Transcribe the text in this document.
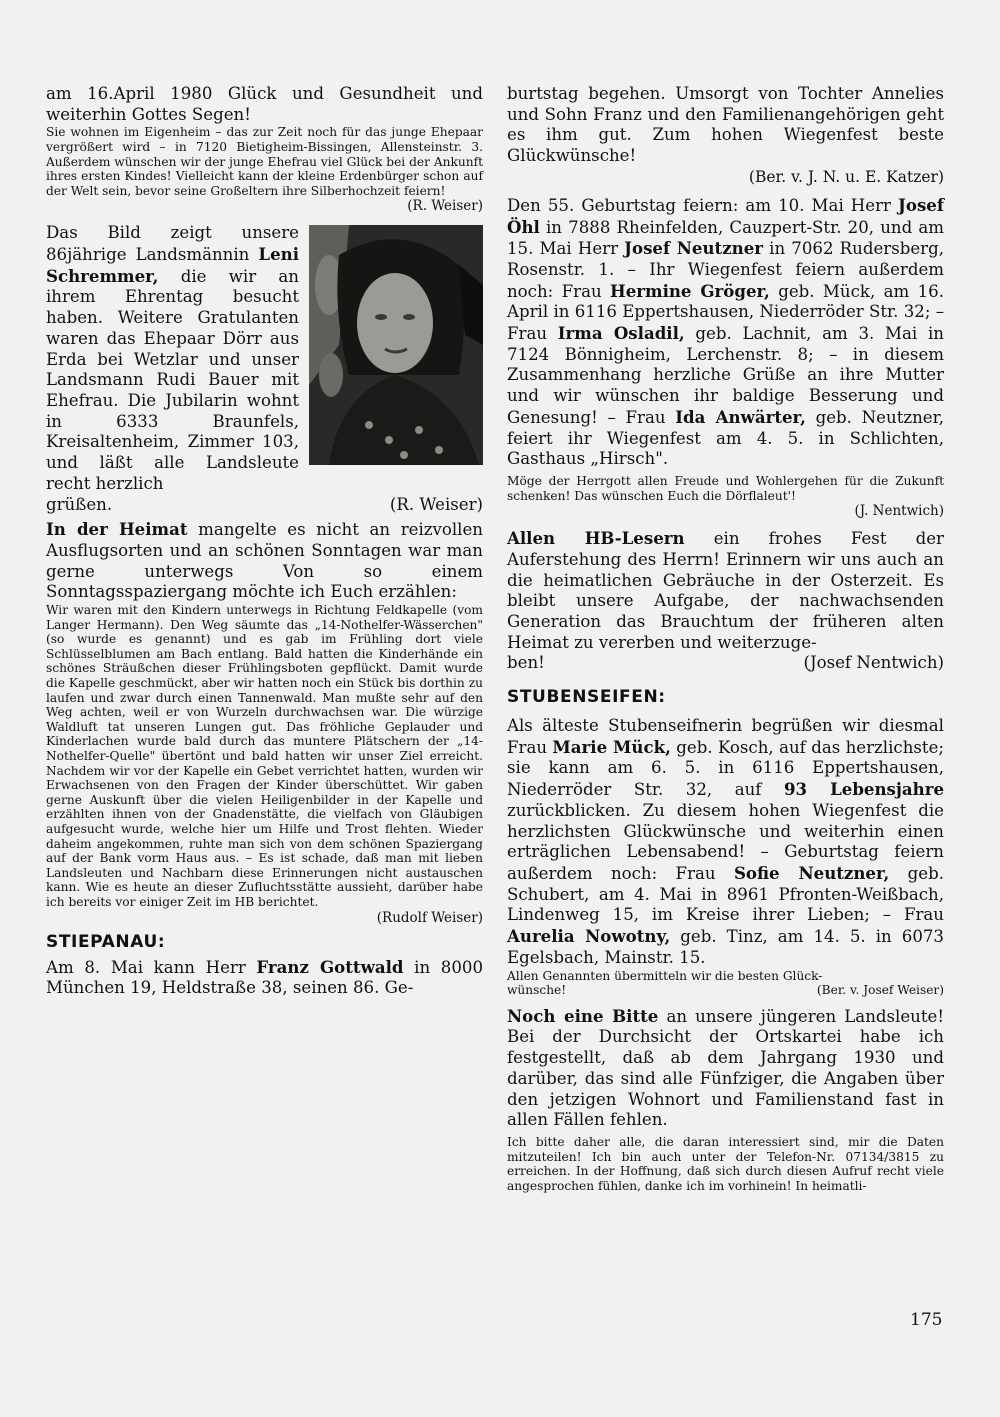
am 16.April 1980 Glück und Gesundheit und weiterhin Gottes Segen!

Sie wohnen im Eigenheim – das zur Zeit noch für das junge Ehepaar vergrößert wird – in 7120 Bietigheim-Bissingen, Allensteinstr. 3. Außerdem wünschen wir der junge Ehefrau viel Glück bei der Ankunft ihres ersten Kindes! Vielleicht kann der kleine Erdenbürger schon auf der Welt sein, bevor seine Großeltern ihre Silberhochzeit feiern!

(R. Weiser)

Das Bild zeigt unsere 86jährige Landsmännin Leni Schremmer, die wir an ihrem Ehrentag besucht haben. Weitere Gratulanten waren das Ehepaar Dörr aus Erda bei Wetzlar und unser Landsmann Rudi Bauer mit Ehefrau. Die Jubilarin wohnt in 6333 Braunfels, Kreisaltenheim, Zimmer 103, und läßt alle Landsleute recht herzlich

grüßen.	(R. Weiser)

In der Heimat mangelte es nicht an reizvollen Ausflugsorten und an schönen Sonntagen war man gerne unterwegs Von so einem Sonntagsspaziergang möchte ich Euch erzählen:

Wir waren mit den Kindern unterwegs in Richtung Feldkapelle (vom Langer Hermann). Den Weg säumte das „14-Nothelfer-Wässerchen" (so wurde es genannt) und es gab im Frühling dort viele Schlüsselblumen am Bach entlang. Bald hatten die Kinderhände ein schönes Sträußchen dieser Frühlingsboten gepflückt. Damit wurde die Kapelle geschmückt, aber wir hatten noch ein Stück bis dorthin zu laufen und zwar durch einen Tannenwald. Man mußte sehr auf den Weg achten, weil er von Wurzeln durchwachsen war. Die würzige Waldluft tat unseren Lungen gut. Das fröhliche Geplauder und Kinderlachen wurde bald durch das muntere Plätschern der „14-Nothelfer-Quelle" übertönt und bald hatten wir unser Ziel erreicht. Nachdem wir vor der Kapelle ein Gebet verrichtet hatten, wurden wir Erwachsenen von den Fragen der Kinder überschüttet. Wir gaben gerne Auskunft über die vielen Heiligenbilder in der Kapelle und erzählten ihnen von der Gnadenstätte, die vielfach von Gläubigen aufgesucht wurde, welche hier um Hilfe und Trost flehten. Wieder daheim angekommen, ruhte man sich von dem schönen Spaziergang auf der Bank vorm Haus aus. – Es ist schade, daß man mit lieben Landsleuten und Nachbarn diese Erinnerungen nicht austauschen kann. Wie es heute an dieser Zufluchtsstätte aussieht, darüber habe ich bereits vor einiger Zeit im HB berichtet.

(Rudolf Weiser)
STIEPANAU:

Am 8. Mai kann Herr Franz Gottwald in 8000 München 19, Heldstraße 38, seinen 86. Ge-

burtstag begehen. Umsorgt von Tochter Annelies und Sohn Franz und den Familienangehörigen geht es ihm gut. Zum hohen Wiegenfest beste Glückwünsche!

(Ber. v. J. N. u. E. Katzer)

Den 55. Geburtstag feiern: am 10. Mai Herr Josef Öhl in 7888 Rheinfelden, Cauzpert-Str. 20, und am 15. Mai Herr Josef Neutzner in 7062 Rudersberg, Rosenstr. 1. – Ihr Wiegenfest feiern außerdem noch: Frau Hermine Gröger, geb. Mück, am 16. April in 6116 Eppertshausen, Niederröder Str. 32; – Frau Irma Osladil, geb. Lachnit, am 3. Mai in 7124 Bönnigheim, Lerchenstr. 8; – in diesem Zusammenhang herzliche Grüße an ihre Mutter und wir wünschen ihr baldige Besserung und Genesung! – Frau Ida Anwärter, geb. Neutzner, feiert ihr Wiegenfest am 4. 5. in Schlichten, Gasthaus „Hirsch".

Möge der Herrgott allen Freude und Wohlergehen für die Zukunft schenken! Das wünschen Euch die Dörflaleut'!

(J. Nentwich)

Allen HB-Lesern ein frohes Fest der Auferstehung des Herrn! Erinnern wir uns auch an die heimatlichen Gebräuche in der Osterzeit. Es bleibt unsere Aufgabe, der nachwachsenden Generation das Brauchtum der früheren alten Heimat zu vererben und weiterzuge-

ben!	(Josef Nentwich)
STUBENSEIFEN:

Als älteste Stubenseifnerin begrüßen wir diesmal Frau Marie Mück, geb. Kosch, auf das herzlichste; sie kann am 6. 5. in 6116 Eppertshausen, Niederröder Str. 32, auf 93 Lebensjahre zurückblicken. Zu diesem hohen Wiegenfest die herzlichsten Glückwünsche und weiterhin einen erträglichen Lebensabend! – Geburtstag feiern außerdem noch: Frau Sofie Neutzner, geb. Schubert, am 4. Mai in 8961 Pfronten-Weißbach, Lindenweg 15, im Kreise ihrer Lieben; – Frau Aurelia Nowotny, geb. Tinz, am 14. 5. in 6073 Egelsbach, Mainstr. 15.

Allen Genannten übermitteln wir die besten Glück-

wünsche!	(Ber. v. Josef Weiser)

Noch eine Bitte an unsere jüngeren Landsleute! Bei der Durchsicht der Ortskartei habe ich festgestellt, daß ab dem Jahrgang 1930 und darüber, das sind alle Fünfziger, die Angaben über den jetzigen Wohnort und Familienstand fast in allen Fällen fehlen.

Ich bitte daher alle, die daran interessiert sind, mir die Daten mitzuteilen! Ich bin auch unter der Telefon-Nr. 07134/3815 zu erreichen. In der Hoffnung, daß sich durch diesen Aufruf recht viele angesprochen fühlen, danke ich im vorhinein! In heimatli-

175
